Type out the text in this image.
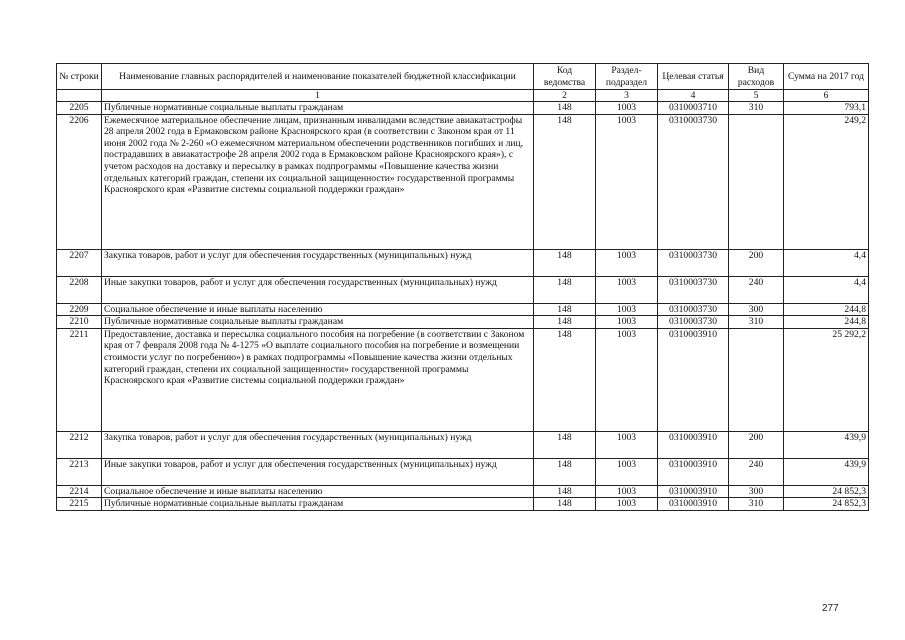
№ строки	Наименование главных распорядителей и наименование показателей бюджетной классификации	Код ведомства	Раздел-подраздел	Целевая статья	Вид расходов	Сумма на 2017 год
	1	2	3	4	5	6
2205	Публичные нормативные социальные выплаты гражданам	148	1003	0310003710	310	793,1
2206	Ежемесячное материальное обеспечение лицам, признанным инвалидами вследствие авиакатастрофы 28 апреля 2002 года в Ермаковском районе Красноярского края (в соответствии с Законом края от 11 июня 2002 года № 2-260 «О ежемесячном материальном обеспечении родственников погибших и лиц, пострадавших в авиакатастрофе 28 апреля 2002 года в Ермаковском районе Красноярского края»), с учетом расходов на доставку и пересылку в рамках подпрограммы «Повышение качества жизни отдельных категорий граждан, степени их социальной защищенности» государственной программы Красноярского края «Развитие системы социальной поддержки граждан»	148	1003	0310003730		249,2
2207	Закупка товаров, работ и услуг для обеспечения государственных (муниципальных) нужд	148	1003	0310003730	200	4,4
2208	Иные закупки товаров, работ и услуг для обеспечения государственных (муниципальных) нужд	148	1003	0310003730	240	4,4
2209	Социальное обеспечение и иные выплаты населению	148	1003	0310003730	300	244,8
2210	Публичные нормативные социальные выплаты гражданам	148	1003	0310003730	310	244,8
2211	Предоставление, доставка и пересылка социального пособия на погребение (в соответствии с Законом края от 7 февраля 2008 года № 4-1275 «О выплате социального пособия на погребение и возмещении стоимости услуг по погребению») в рамках подпрограммы «Повышение качества жизни отдельных категорий граждан, степени их социальной защищенности» государственной программы Красноярского края «Развитие системы социальной поддержки граждан»	148	1003	0310003910		25 292,2
2212	Закупка товаров, работ и услуг для обеспечения государственных (муниципальных) нужд	148	1003	0310003910	200	439,9
2213	Иные закупки товаров, работ и услуг для обеспечения государственных (муниципальных) нужд	148	1003	0310003910	240	439,9
2214	Социальное обеспечение и иные выплаты населению	148	1003	0310003910	300	24 852,3
2215	Публичные нормативные социальные выплаты гражданам	148	1003	0310003910	310	24 852,3
277
